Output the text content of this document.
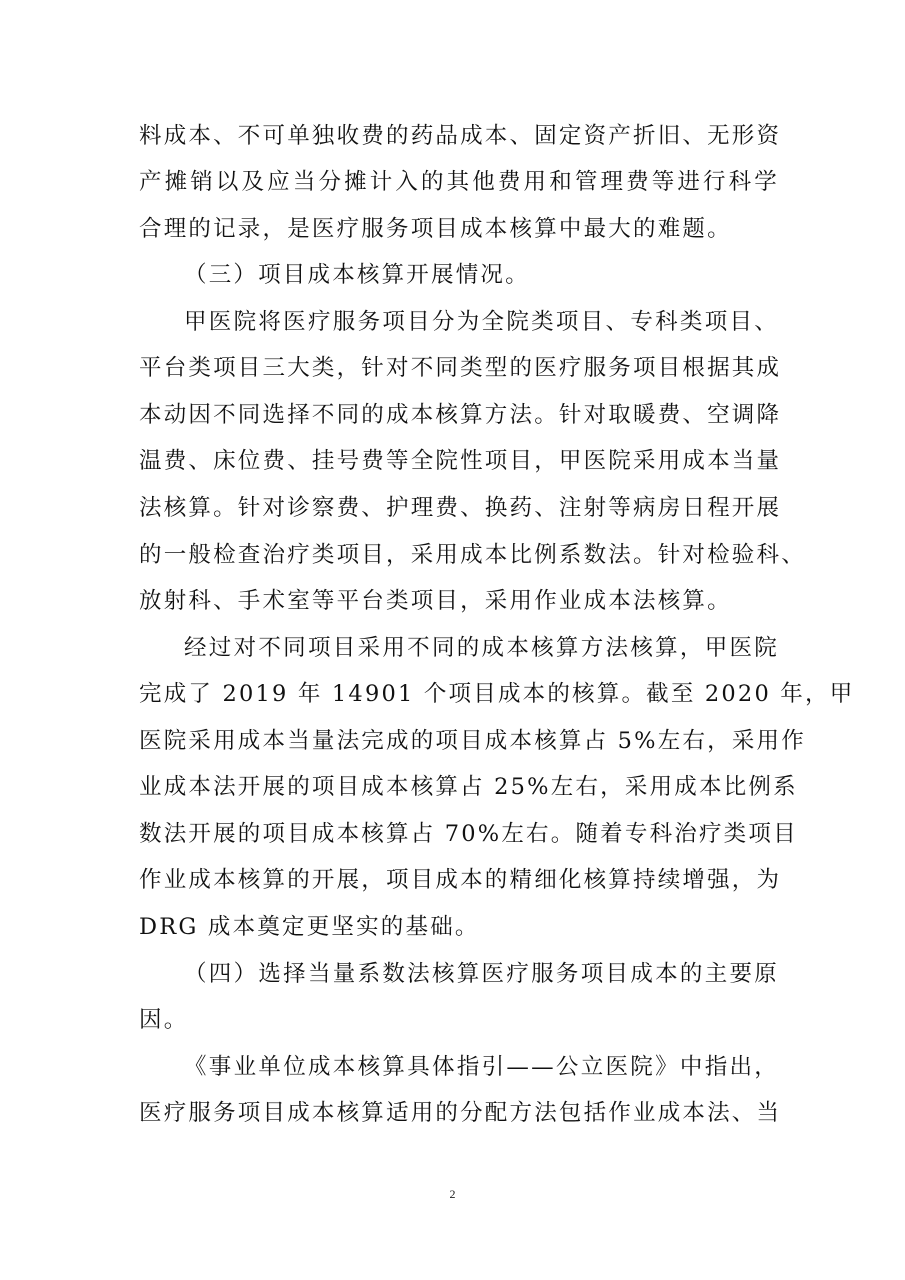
料成本、不可单独收费的药品成本、固定资产折旧、无形资
产摊销以及应当分摊计入的其他费用和管理费等进行科学
合理的记录，是医疗服务项目成本核算中最大的难题。
（三）项目成本核算开展情况。
甲医院将医疗服务项目分为全院类项目、专科类项目、
平台类项目三大类，针对不同类型的医疗服务项目根据其成
本动因不同选择不同的成本核算方法。针对取暖费、空调降
温费、床位费、挂号费等全院性项目，甲医院采用成本当量
法核算。针对诊察费、护理费、换药、注射等病房日程开展
的一般检查治疗类项目，采用成本比例系数法。针对检验科、
放射科、手术室等平台类项目，采用作业成本法核算。
经过对不同项目采用不同的成本核算方法核算，甲医院
完成了 2019 年 14901 个项目成本的核算。截至 2020 年，甲
医院采用成本当量法完成的项目成本核算占 5%左右，采用作
业成本法开展的项目成本核算占 25%左右，采用成本比例系
数法开展的项目成本核算占 70%左右。随着专科治疗类项目
作业成本核算的开展，项目成本的精细化核算持续增强，为
DRG 成本奠定更坚实的基础。
（四）选择当量系数法核算医疗服务项目成本的主要原
因。
《事业单位成本核算具体指引——公立医院》中指出，
医疗服务项目成本核算适用的分配方法包括作业成本法、当
2
